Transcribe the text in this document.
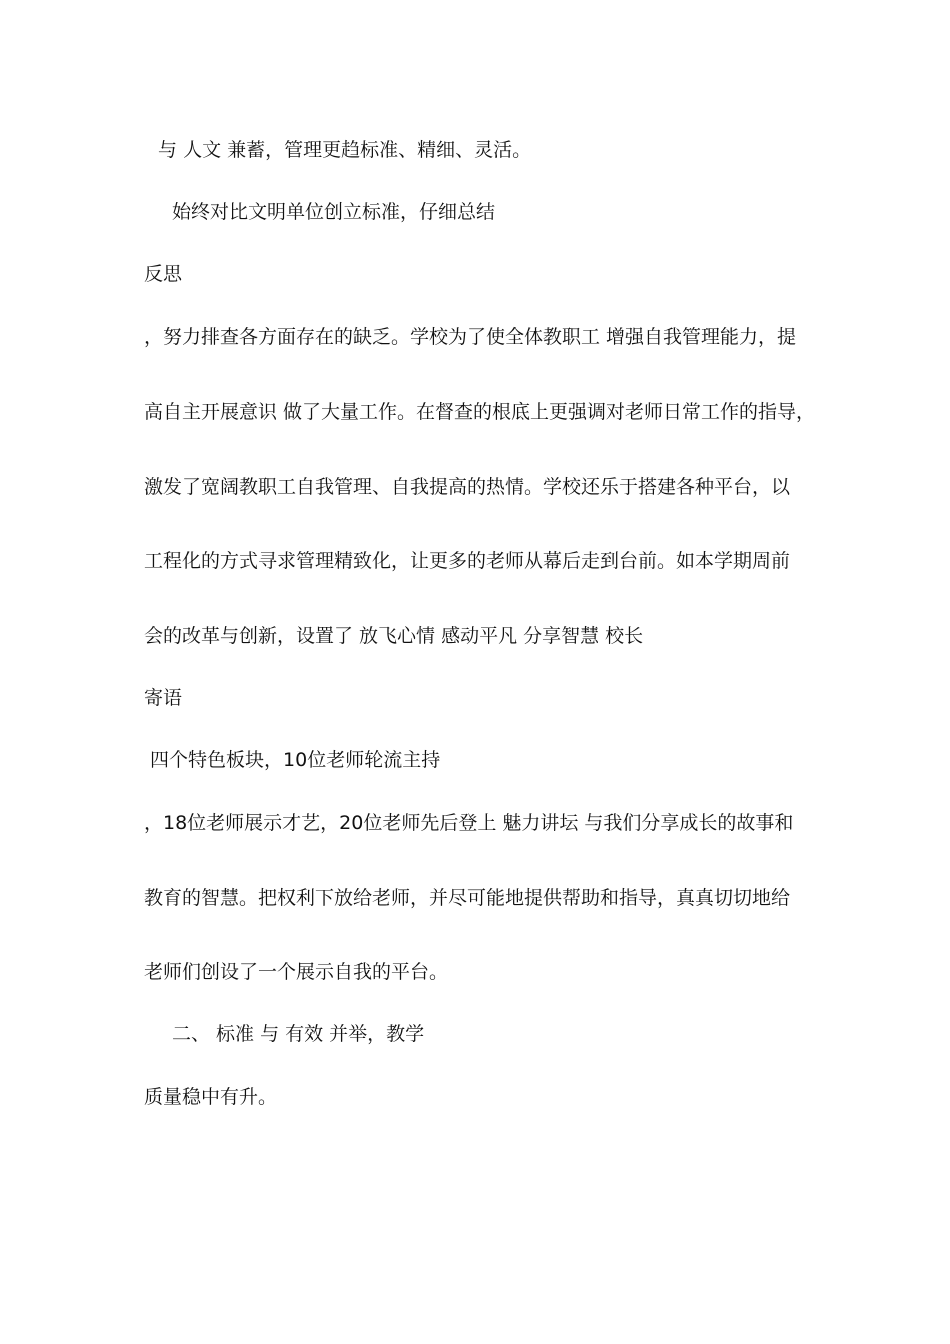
与 人文 兼蓄，管理更趋标准、精细、灵活。
始终对比文明单位创立标准，仔细总结
反思
，努力排查各方面存在的缺乏。学校为了使全体教职工 增强自我管理能力，提
高自主开展意识 做了大量工作。在督查的根底上更强调对老师日常工作的指导，
激发了宽阔教职工自我管理、自我提高的热情。学校还乐于搭建各种平台，以
工程化的方式寻求管理精致化，让更多的老师从幕后走到台前。如本学期周前
会的改革与创新，设置了 放飞心情 感动平凡 分享智慧 校长
寄语
四个特色板块，10位老师轮流主持
，18位老师展示才艺，20位老师先后登上 魅力讲坛 与我们分享成长的故事和
教育的智慧。把权利下放给老师，并尽可能地提供帮助和指导，真真切切地给
老师们创设了一个展示自我的平台。
二、 标准 与 有效 并举，教学
质量稳中有升。
